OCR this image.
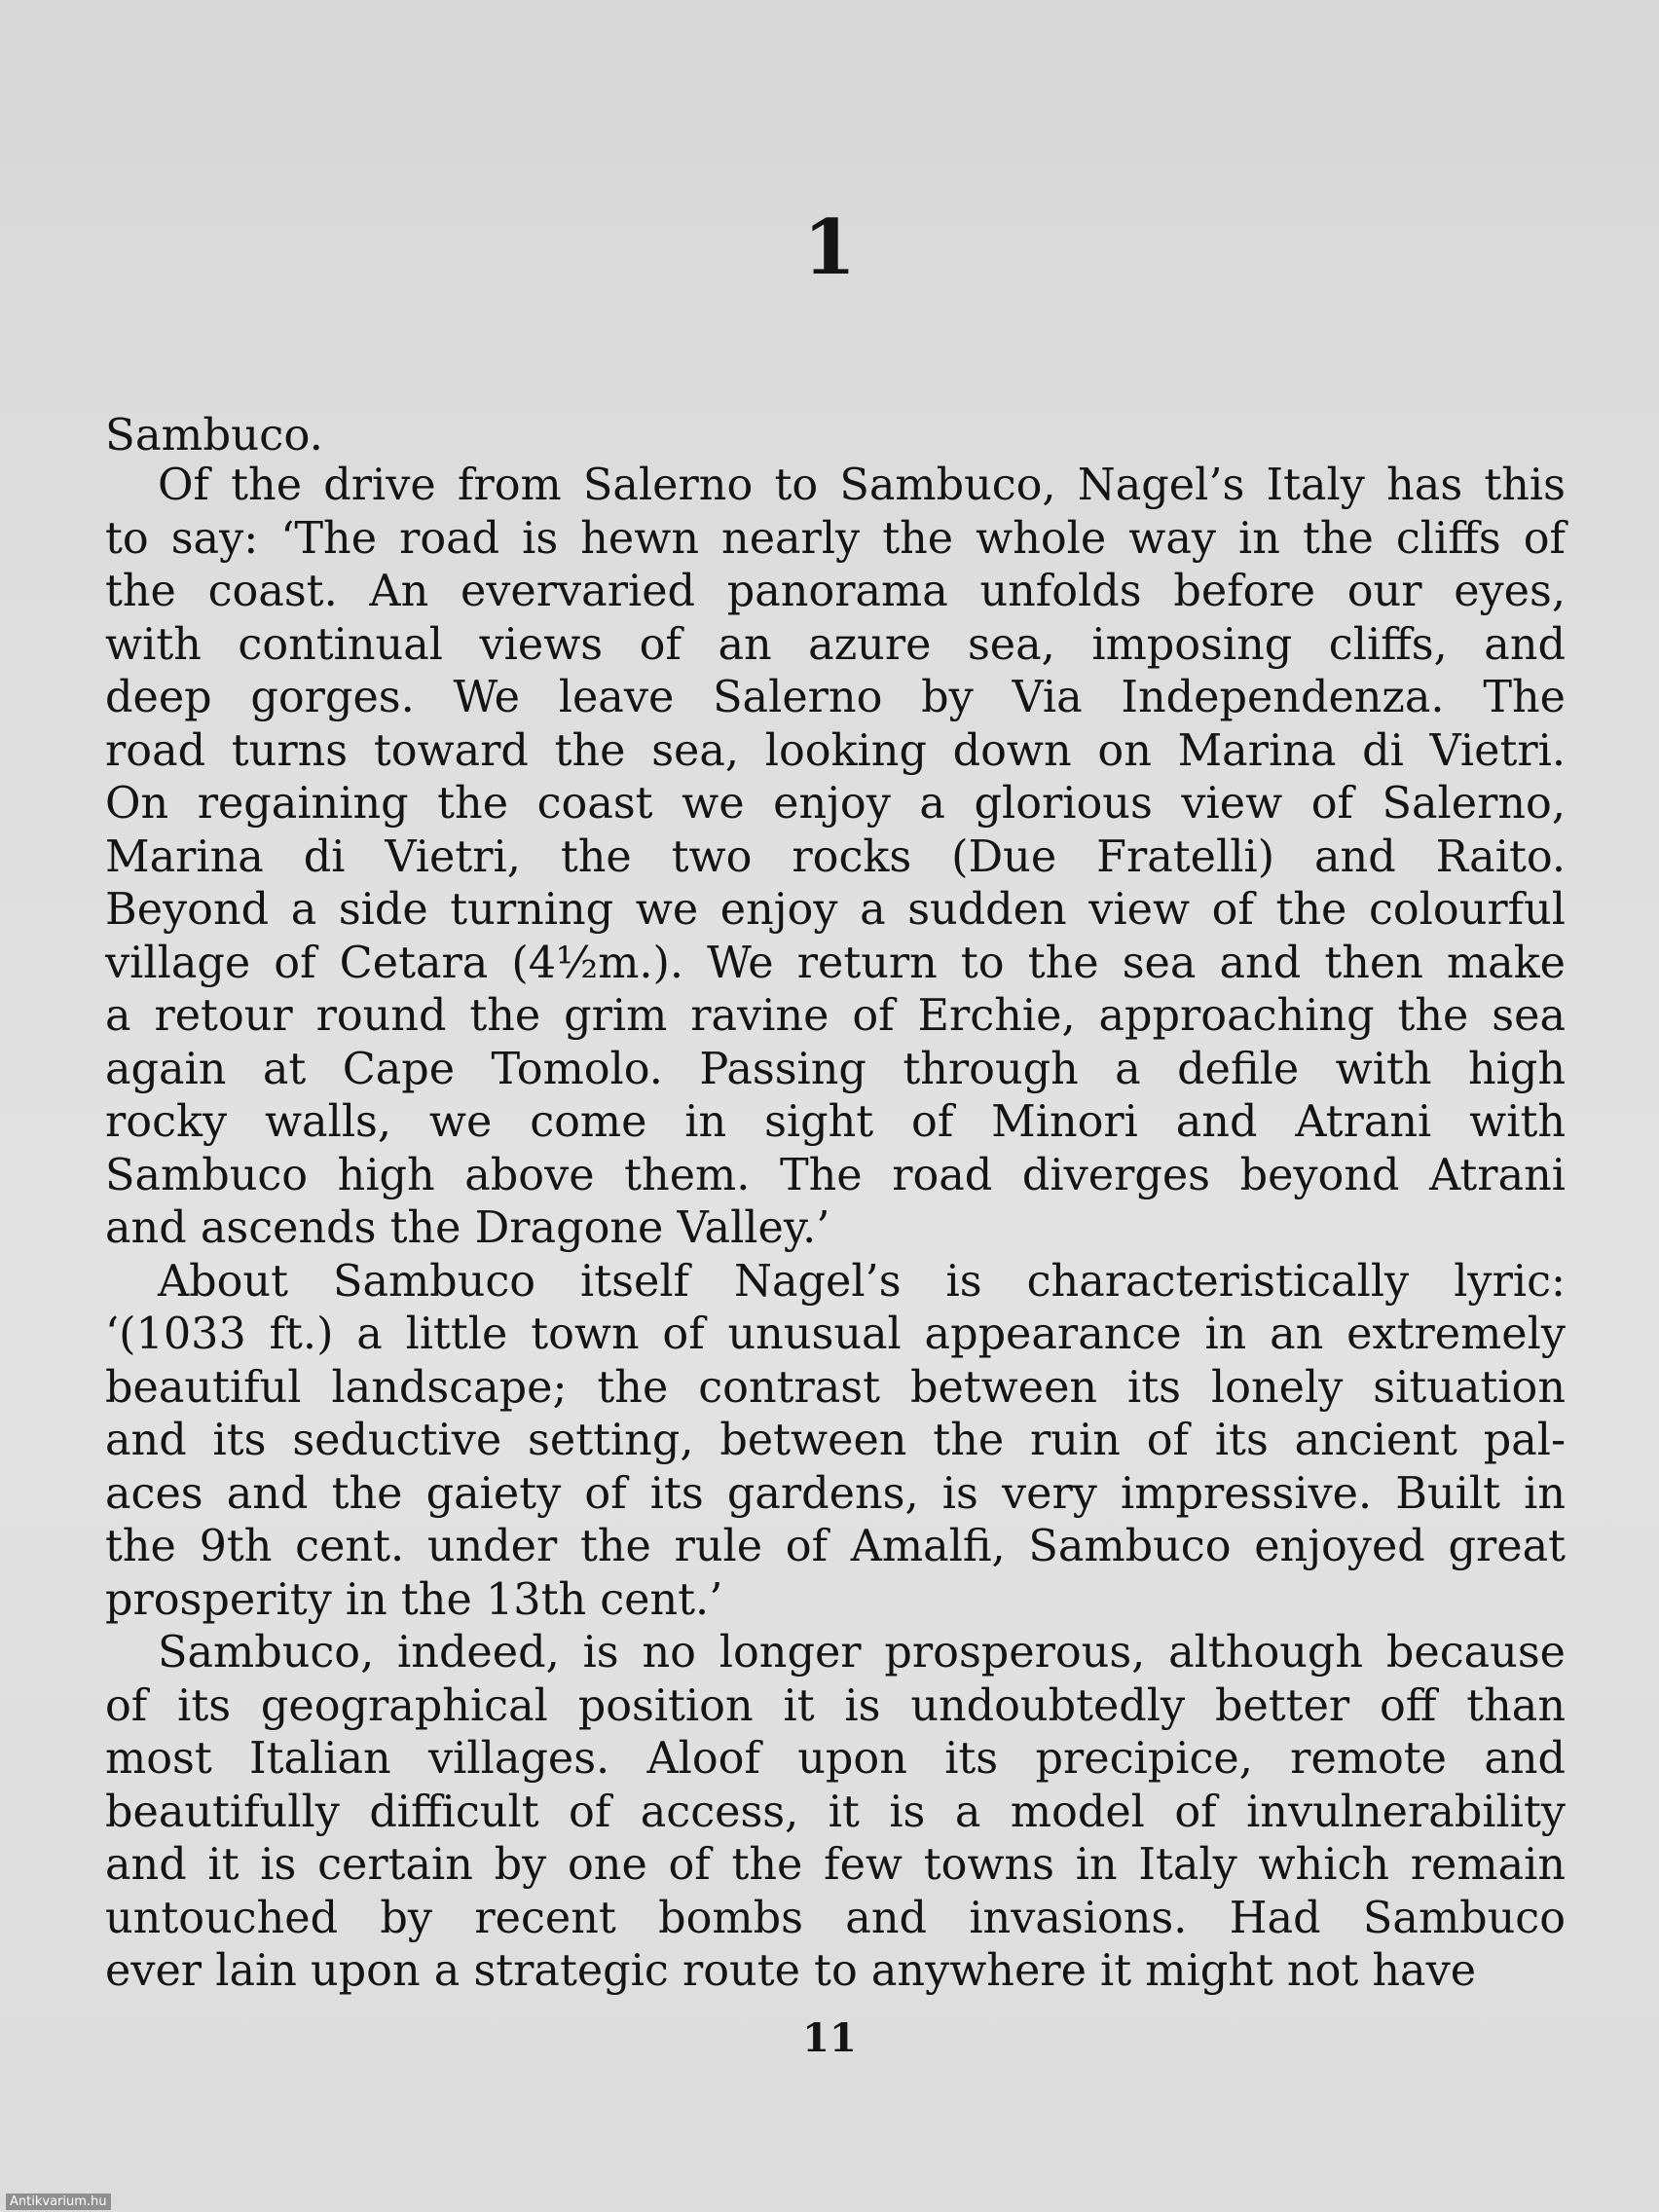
1
Sambuco.
Of the drive from Salerno to Sambuco, Nagel’s Italy has this
to say: ‘The road is hewn nearly the whole way in the cliffs of
the coast. An evervaried panorama unfolds before our eyes,
with continual views of an azure sea, imposing cliffs, and
deep gorges. We leave Salerno by Via Independenza. The
road turns toward the sea, looking down on Marina di Vietri.
On regaining the coast we enjoy a glorious view of Salerno,
Marina di Vietri, the two rocks (Due Fratelli) and Raito.
Beyond a side turning we enjoy a sudden view of the colourful
village of Cetara (4½m.). We return to the sea and then make
a retour round the grim ravine of Erchie, approaching the sea
again at Cape Tomolo. Passing through a defile with high
rocky walls, we come in sight of Minori and Atrani with
Sambuco high above them. The road diverges beyond Atrani
and ascends the Dragone Valley.’
About Sambuco itself Nagel’s is characteristically lyric:
‘(1033 ft.) a little town of unusual appearance in an extremely
beautiful landscape; the contrast between its lonely situation
and its seductive setting, between the ruin of its ancient pal-
aces and the gaiety of its gardens, is very impressive. Built in
the 9th cent. under the rule of Amalfi, Sambuco enjoyed great
prosperity in the 13th cent.’
Sambuco, indeed, is no longer prosperous, although because
of its geographical position it is undoubtedly better off than
most Italian villages. Aloof upon its precipice, remote and
beautifully difficult of access, it is a model of invulnerability
and it is certain by one of the few towns in Italy which remain
untouched by recent bombs and invasions. Had Sambuco
ever lain upon a strategic route to anywhere it might not have
11
Antikvarium.hu
